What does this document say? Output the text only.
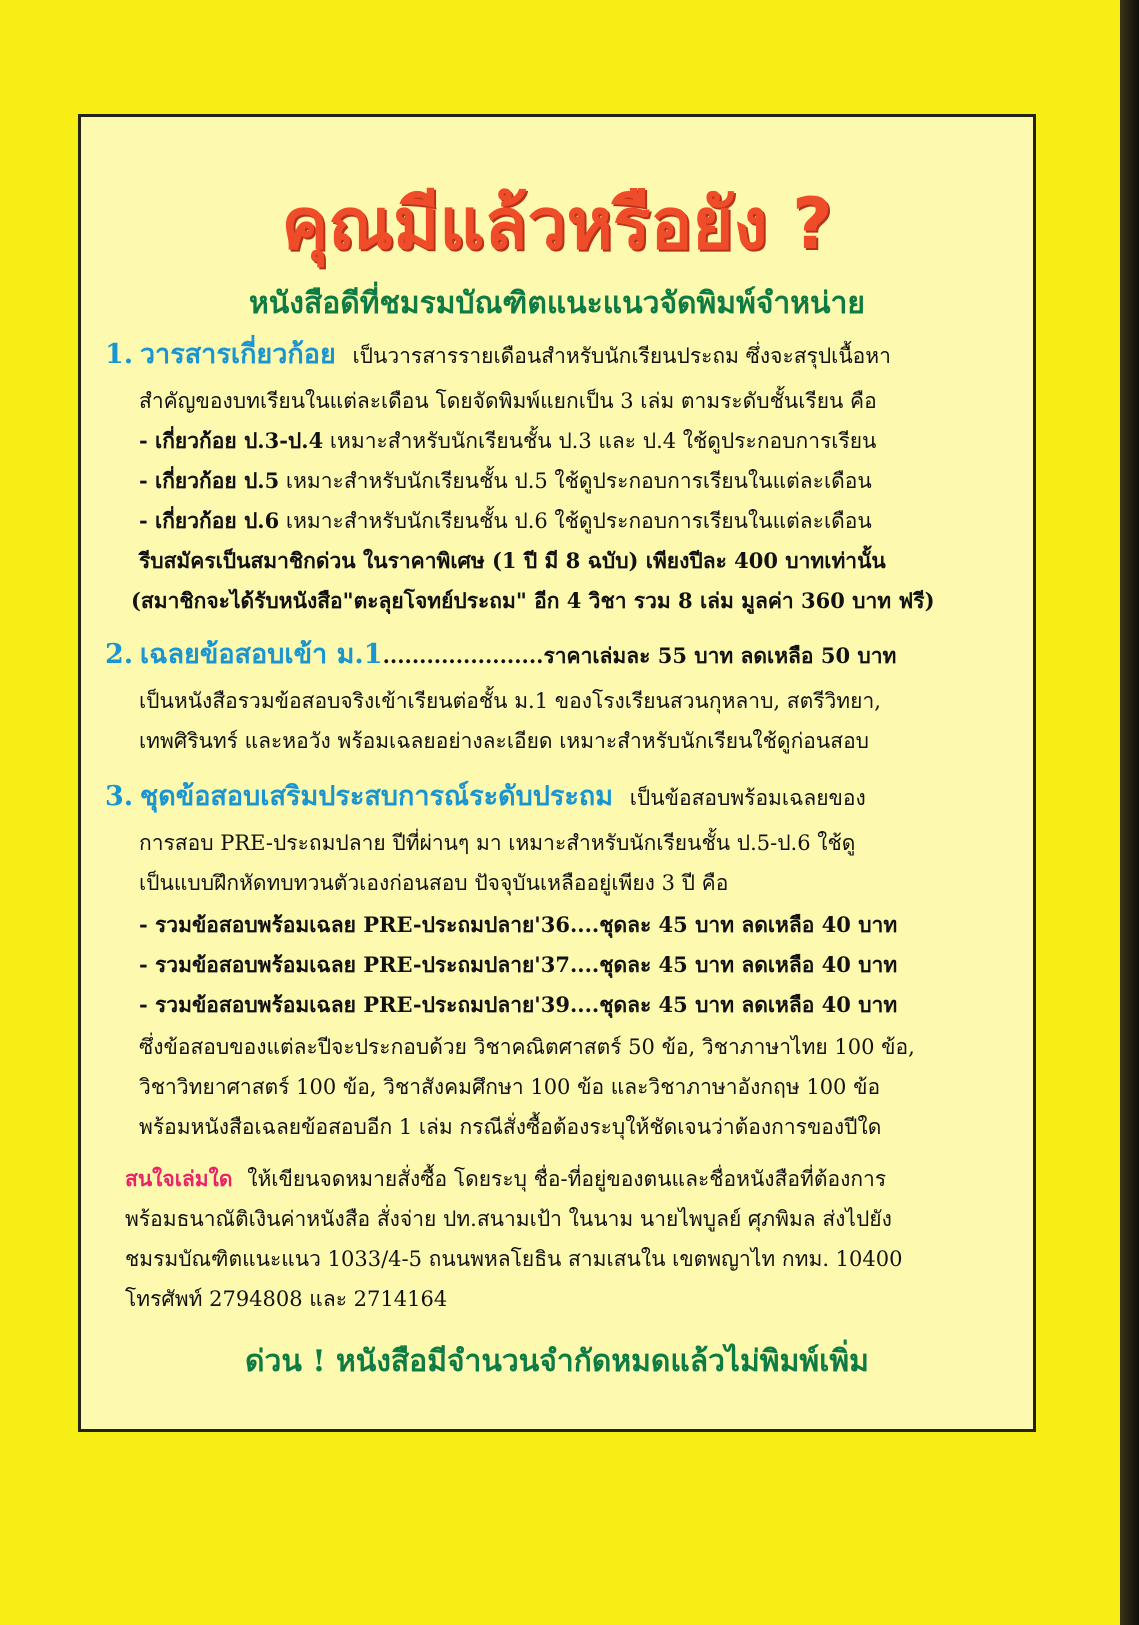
คุณมีแล้วหรือยัง ?
หนังสือดีที่ชมรมบัณฑิตแนะแนวจัดพิมพ์จำหน่าย

1. วารสารเกี่ยวก้อย เป็นวารสารรายเดือนสำหรับนักเรียนประถม ซึ่งจะสรุปเนื้อหา

สำคัญของบทเรียนในแต่ละเดือน โดยจัดพิมพ์แยกเป็น 3 เล่ม ตามระดับชั้นเรียน คือ

- เกี่ยวก้อย ป.3-ป.4 เหมาะสำหรับนักเรียนชั้น ป.3 และ ป.4 ใช้ดูประกอบการเรียน

- เกี่ยวก้อย ป.5 เหมาะสำหรับนักเรียนชั้น ป.5 ใช้ดูประกอบการเรียนในแต่ละเดือน

- เกี่ยวก้อย ป.6 เหมาะสำหรับนักเรียนชั้น ป.6 ใช้ดูประกอบการเรียนในแต่ละเดือน

รีบสมัครเป็นสมาชิกด่วน ในราคาพิเศษ (1 ปี มี 8 ฉบับ) เพียงปีละ 400 บาทเท่านั้น

(สมาชิกจะได้รับหนังสือ"ตะลุยโจทย์ประถม" อีก 4 วิชา รวม 8 เล่ม มูลค่า 360 บาท ฟรี)

2. เฉลยข้อสอบเข้า ม.1......................ราคาเล่มละ 55 บาท ลดเหลือ 50 บาท

เป็นหนังสือรวมข้อสอบจริงเข้าเรียนต่อชั้น ม.1 ของโรงเรียนสวนกุหลาบ, สตรีวิทยา,

เทพศิรินทร์ และหอวัง พร้อมเฉลยอย่างละเอียด เหมาะสำหรับนักเรียนใช้ดูก่อนสอบ

3. ชุดข้อสอบเสริมประสบการณ์ระดับประถม เป็นข้อสอบพร้อมเฉลยของ

การสอบ PRE-ประถมปลาย ปีที่ผ่านๆ มา เหมาะสำหรับนักเรียนชั้น ป.5-ป.6 ใช้ดู

เป็นแบบฝึกหัดทบทวนตัวเองก่อนสอบ ปัจจุบันเหลืออยู่เพียง 3 ปี คือ

- รวมข้อสอบพร้อมเฉลย PRE-ประถมปลาย'36....ชุดละ 45 บาท ลดเหลือ 40 บาท

- รวมข้อสอบพร้อมเฉลย PRE-ประถมปลาย'37....ชุดละ 45 บาท ลดเหลือ 40 บาท

- รวมข้อสอบพร้อมเฉลย PRE-ประถมปลาย'39....ชุดละ 45 บาท ลดเหลือ 40 บาท

ซึ่งข้อสอบของแต่ละปีจะประกอบด้วย วิชาคณิตศาสตร์ 50 ข้อ, วิชาภาษาไทย 100 ข้อ,

วิชาวิทยาศาสตร์ 100 ข้อ, วิชาสังคมศึกษา 100 ข้อ และวิชาภาษาอังกฤษ 100 ข้อ

พร้อมหนังสือเฉลยข้อสอบอีก 1 เล่ม กรณีสั่งซื้อต้องระบุให้ชัดเจนว่าต้องการของปีใด

สนใจเล่มใด ให้เขียนจดหมายสั่งซื้อ โดยระบุ ชื่อ-ที่อยู่ของตนและชื่อหนังสือที่ต้องการ

พร้อมธนาณัติเงินค่าหนังสือ สั่งจ่าย ปท.สนามเป้า ในนาม นายไพบูลย์ ศุภพิมล ส่งไปยัง

ชมรมบัณฑิตแนะแนว 1033/4-5 ถนนพหลโยธิน สามเสนใน เขตพญาไท กทม. 10400

โทรศัพท์ 2794808 และ 2714164

ด่วน ! หนังสือมีจำนวนจำกัดหมดแล้วไม่พิมพ์เพิ่ม
